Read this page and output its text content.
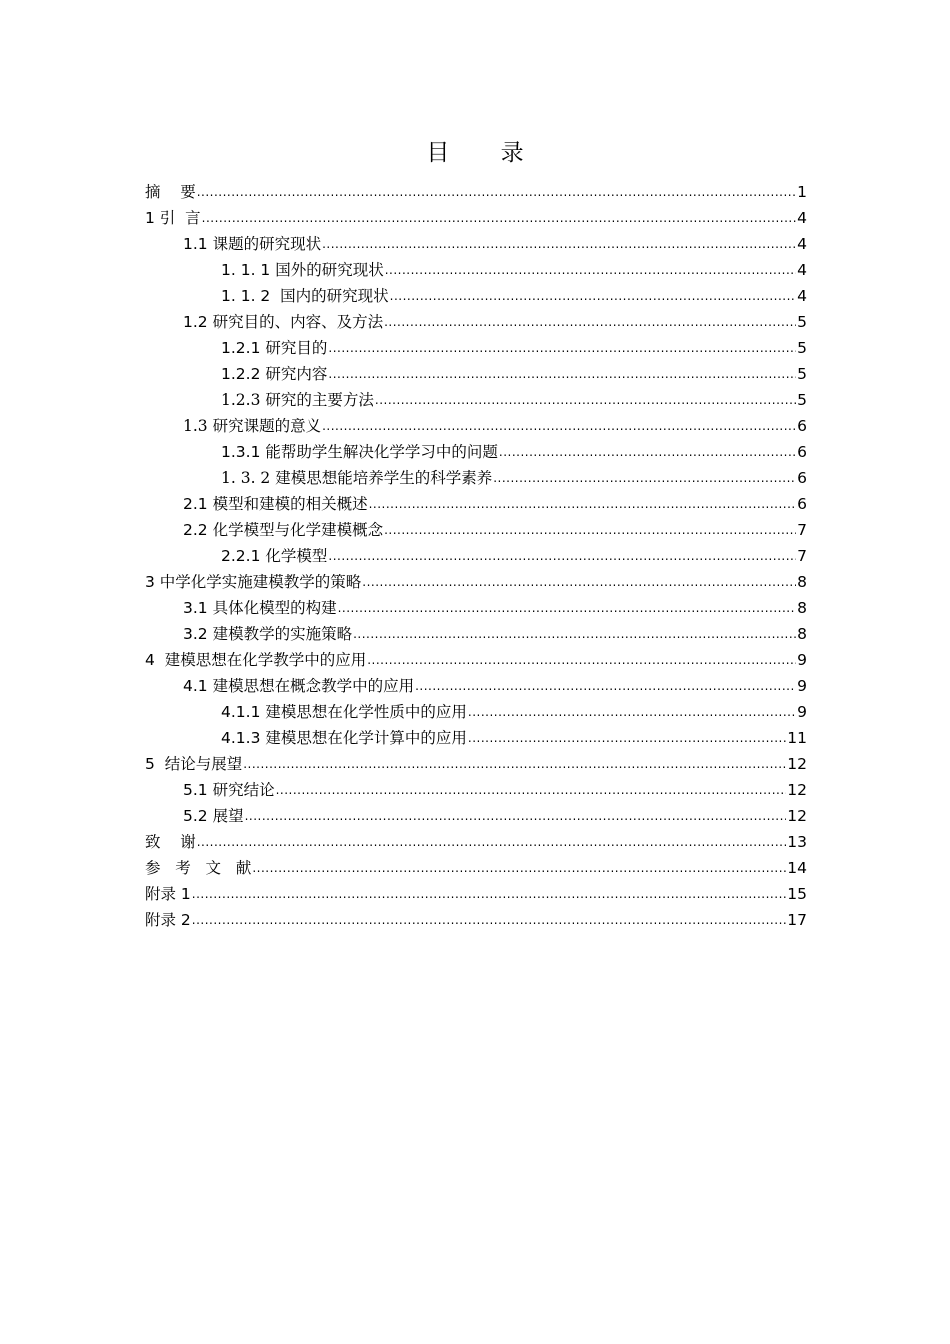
目 录
摘    要 .....	1
1 引  言 .....	4
1.1 课题的研究现状 .....	4
1. 1. 1 国外的研究现状 .....	4
1. 1. 2  国内的研究现状 .....	4
1.2 研究目的、内容、及方法 .....	5
1.2.1 研究目的 .....	5
1.2.2 研究内容 .....	5
1.2.3 研究的主要方法 .....	5
1.3 研究课题的意义 .....	6
1.3.1 能帮助学生解决化学学习中的问题 .....	6
1. 3. 2 建模思想能培养学生的科学素养 .....	6
2.1 模型和建模的相关概述 .....	6
2.2 化学模型与化学建模概念 .....	7
2.2.1 化学模型 .....	7
3 中学化学实施建模教学的策略 .....	8
3.1 具体化模型的构建 .....	8
3.2 建模教学的实施策略 .....	8
4  建模思想在化学教学中的应用 .....	9
4.1 建模思想在概念教学中的应用 .....	9
4.1.1 建模思想在化学性质中的应用 .....	9
4.1.3 建模思想在化学计算中的应用 .....	11
5  结论与展望 .....	12
5.1 研究结论 .....	12
5.2 展望 .....	12
致    谢 .....	13
参   考   文   献 .....	14
附录 1 .....	15
附录 2 .....	17
